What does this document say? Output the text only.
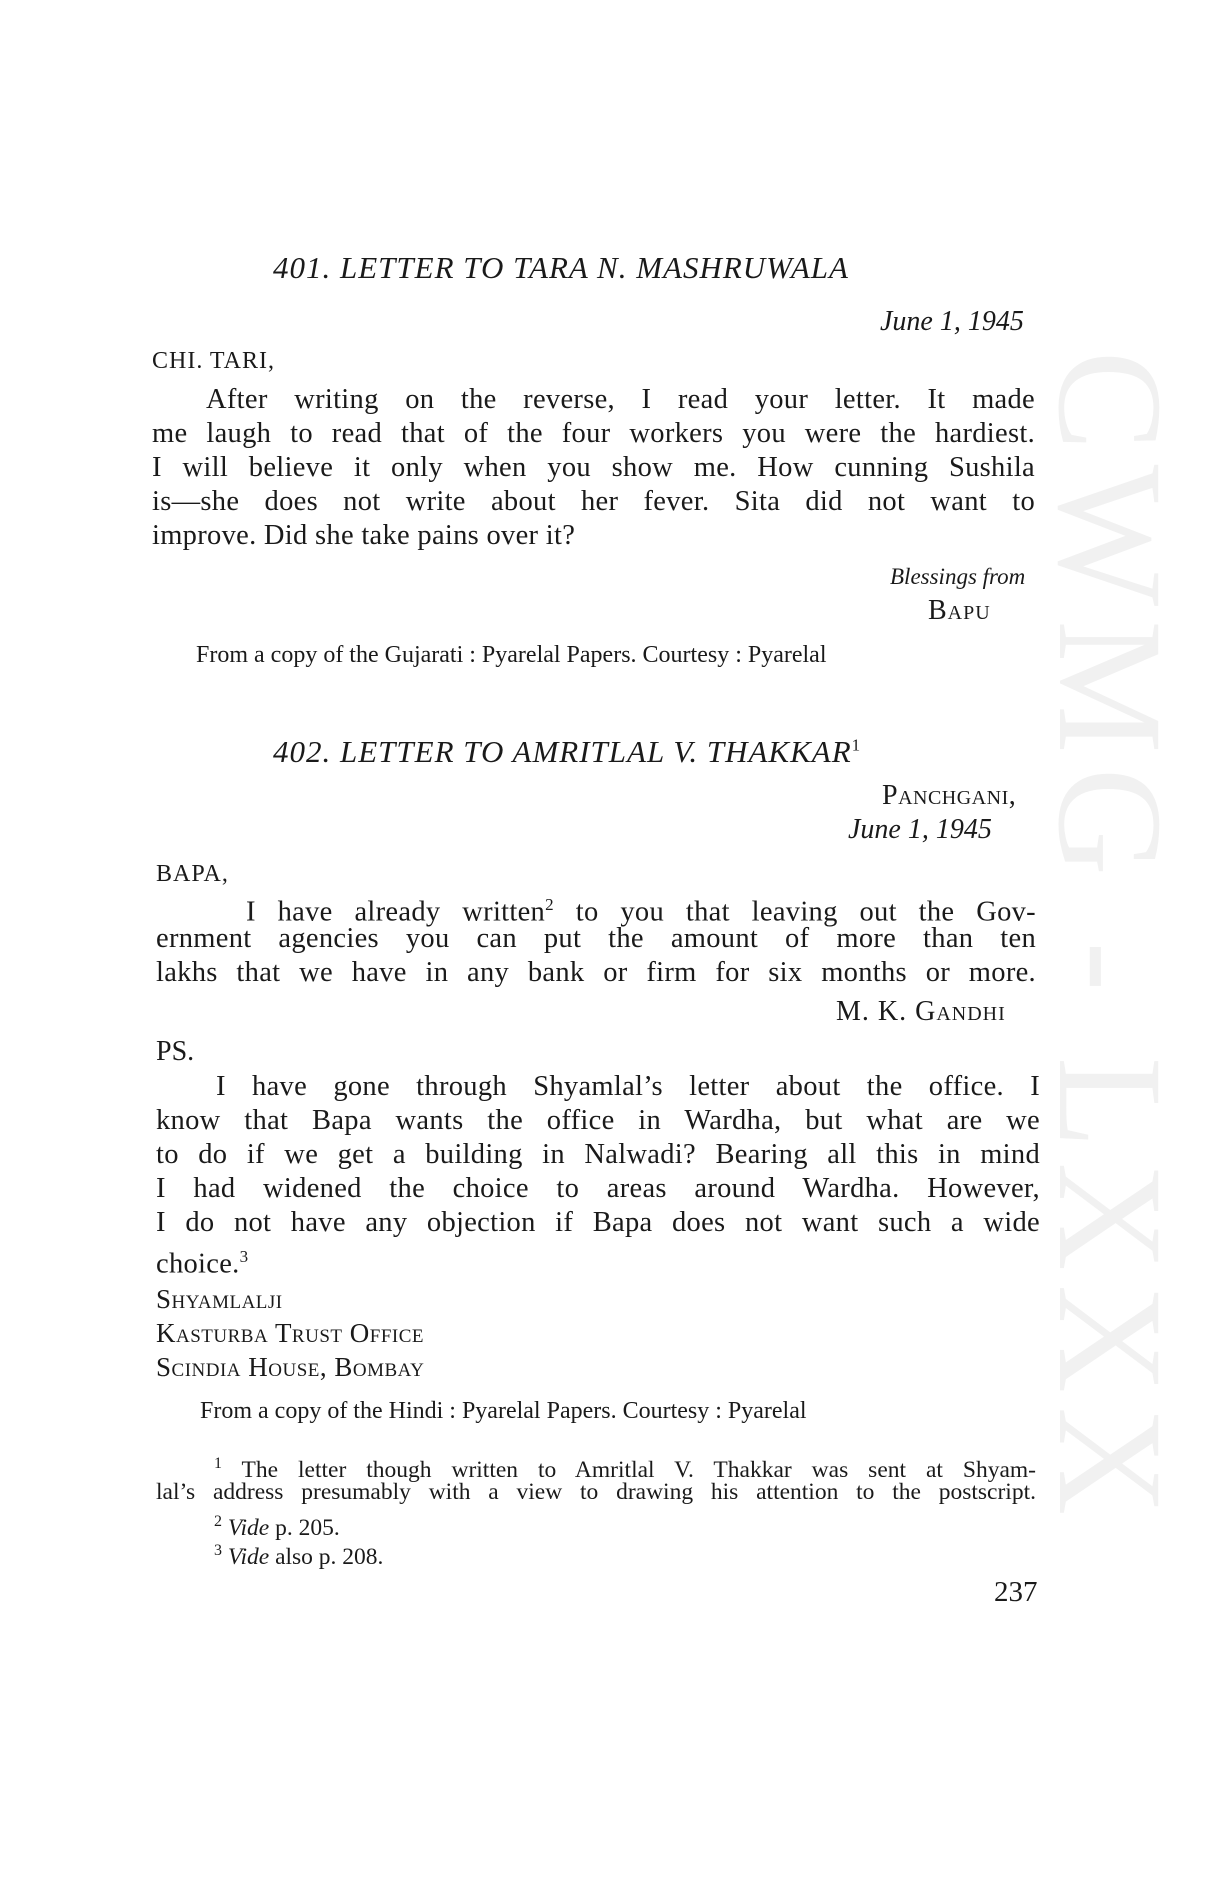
CWMG - LXXX

401. LETTER TO TARA N. MASHRUWALA

June 1, 1945

CHI. TARI,

After writing on the reverse, I read your letter. It made
me laugh to read that of the four workers you were the hardiest.
I will believe it only when you show me. How cunning Sushila
is—she does not write about her fever. Sita did not want to
improve. Did she take pains over it?

Blessings from

Bapu

From a copy of the Gujarati : Pyarelal Papers. Courtesy : Pyarelal

402. LETTER TO AMRITLAL V. THAKKAR$^1$

Panchgani,

June 1, 1945

BAPA,

I have already written$^2$ to you that leaving out the Gov-
ernment agencies you can put the amount of more than ten
lakhs that we have in any bank or firm for six months or more.

M. K. Gandhi

PS.

I have gone through Shyamlal’s letter about the office. I
know that Bapa wants the office in Wardha, but what are we
to do if we get a building in Nalwadi? Bearing all this in mind
I had widened the choice to areas around Wardha. However,
I do not have any objection if Bapa does not want such a wide
choice.$^3$
Shyamlalji
Kasturba Trust Office
Scindia House, Bombay

From a copy of the Hindi : Pyarelal Papers. Courtesy : Pyarelal

$^1$ The letter though written to Amritlal V. Thakkar was sent at Shyam-
lal’s address presumably with a view to drawing his attention to the postscript.
$^2$ Vide p. 205.
$^3$ Vide also p. 208.

237
